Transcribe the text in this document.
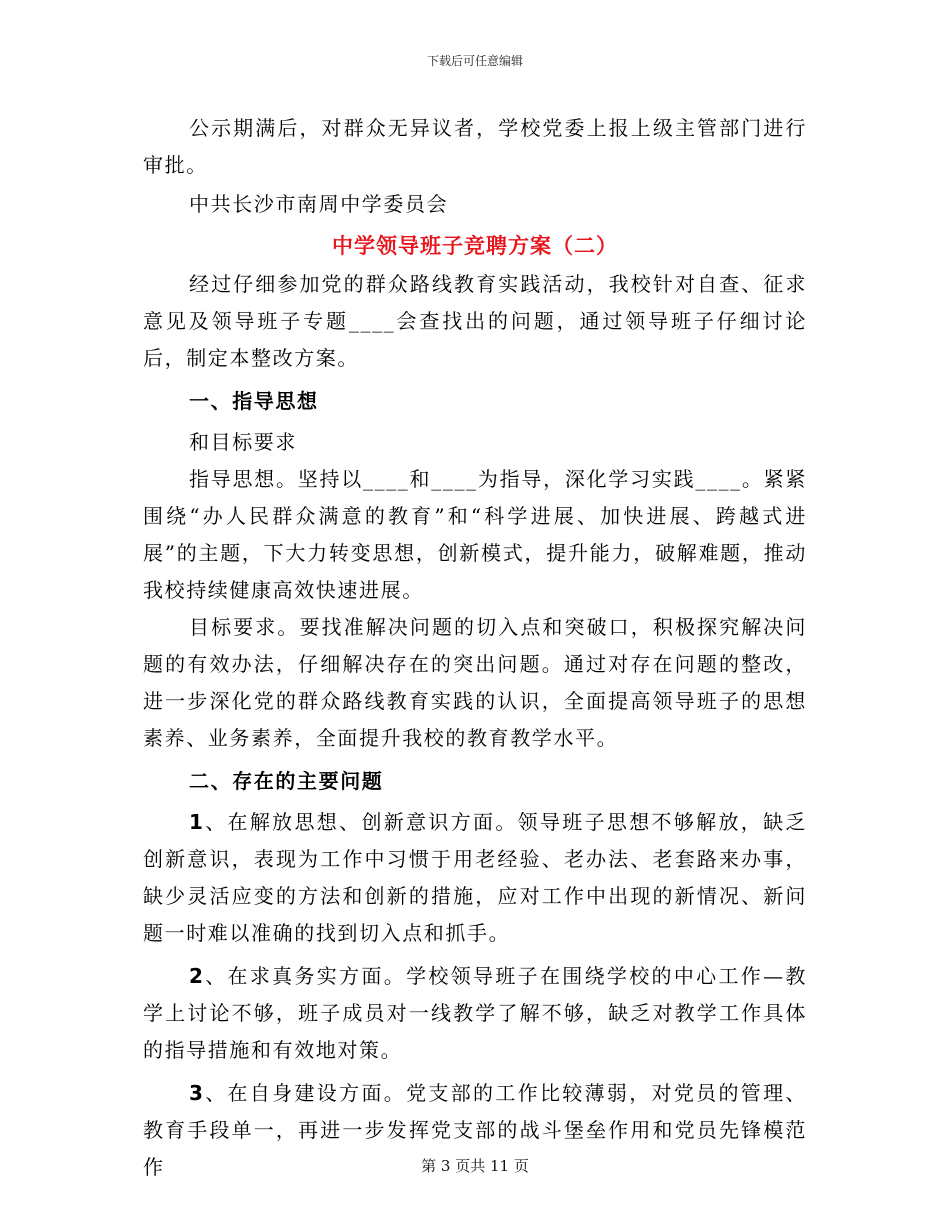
下载后可任意编辑

公示期满后，对群众无异议者，学校党委上报上级主管部门进行审批。

中共长沙市南周中学委员会

中学领导班子竞聘方案（二）

经过仔细参加党的群众路线教育实践活动，我校针对自查、征求意见及领导班子专题____会查找出的问题，通过领导班子仔细讨论后，制定本整改方案。

一、指导思想

和目标要求

指导思想。坚持以____和____为指导，深化学习实践____。紧紧围绕“办人民群众满意的教育”和“科学进展、加快进展、跨越式进展”的主题，下大力转变思想，创新模式，提升能力，破解难题，推动我校持续健康高效快速进展。

目标要求。要找准解决问题的切入点和突破口，积极探究解决问题的有效办法，仔细解决存在的突出问题。通过对存在问题的整改，进一步深化党的群众路线教育实践的认识，全面提高领导班子的思想素养、业务素养，全面提升我校的教育教学水平。

二、存在的主要问题

1、在解放思想、创新意识方面。领导班子思想不够解放，缺乏创新意识，表现为工作中习惯于用老经验、老办法、老套路来办事，缺少灵活应变的方法和创新的措施，应对工作中出现的新情况、新问题一时难以准确的找到切入点和抓手。

2、在求真务实方面。学校领导班子在围绕学校的中心工作—教学上讨论不够，班子成员对一线教学了解不够，缺乏对教学工作具体的指导措施和有效地对策。

3、在自身建设方面。党支部的工作比较薄弱，对党员的管理、教育手段单一，再进一步发挥党支部的战斗堡垒作用和党员先锋模范作	第 3 页共 11 页
